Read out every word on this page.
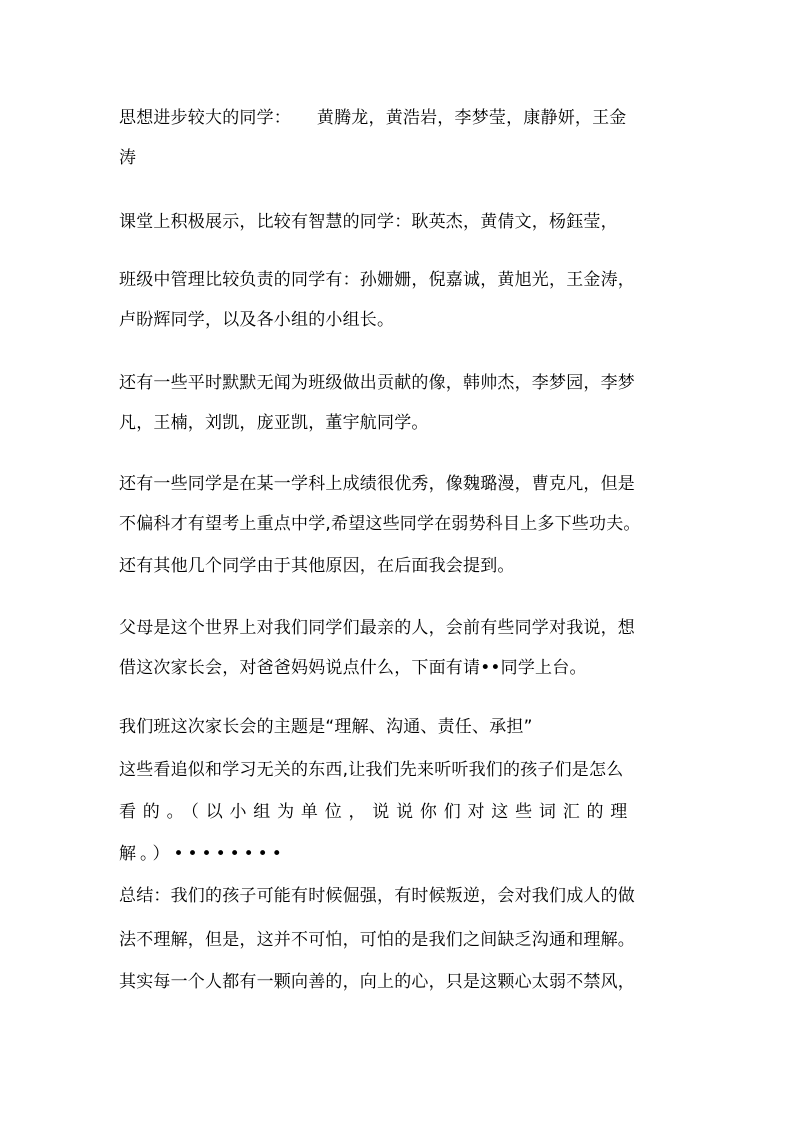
思想进步较大的同学：　　黄腾龙，黄浩岩，李梦莹，康静妍，王金
涛
课堂上积极展示，比较有智慧的同学：耿英杰，黄倩文，杨鈺莹，
班级中管理比较负责的同学有：孙姗姗，倪嘉诚，黄旭光，王金涛，
卢盼辉同学，以及各小组的小组长。
还有一些平时默默无闻为班级做出贡献的像，韩帅杰，李梦园，李梦
凡，王楠，刘凯，庞亚凯，董宇航同学。
还有一些同学是在某一学科上成绩很优秀，像魏璐漫，曹克凡，但是
不偏科才有望考上重点中学,希望这些同学在弱势科目上多下些功夫。
还有其他几个同学由于其他原因，在后面我会提到。
父母是这个世界上对我们同学们最亲的人，会前有些同学对我说，想
借这次家长会，对爸爸妈妈说点什么，下面有请••同学上台。
我们班这次家长会的主题是“理解、沟通、责任、承担”
这些看追似和学习无关的东西,让我们先来听听我们的孩子们是怎么
看的。（以小组为单位，说说你们对这些词汇的理
解。）••••••••
总结：我们的孩子可能有时候倔强，有时候叛逆，会对我们成人的做
法不理解，但是，这并不可怕，可怕的是我们之间缺乏沟通和理解。
其实每一个人都有一颗向善的，向上的心，只是这颗心太弱不禁风，
